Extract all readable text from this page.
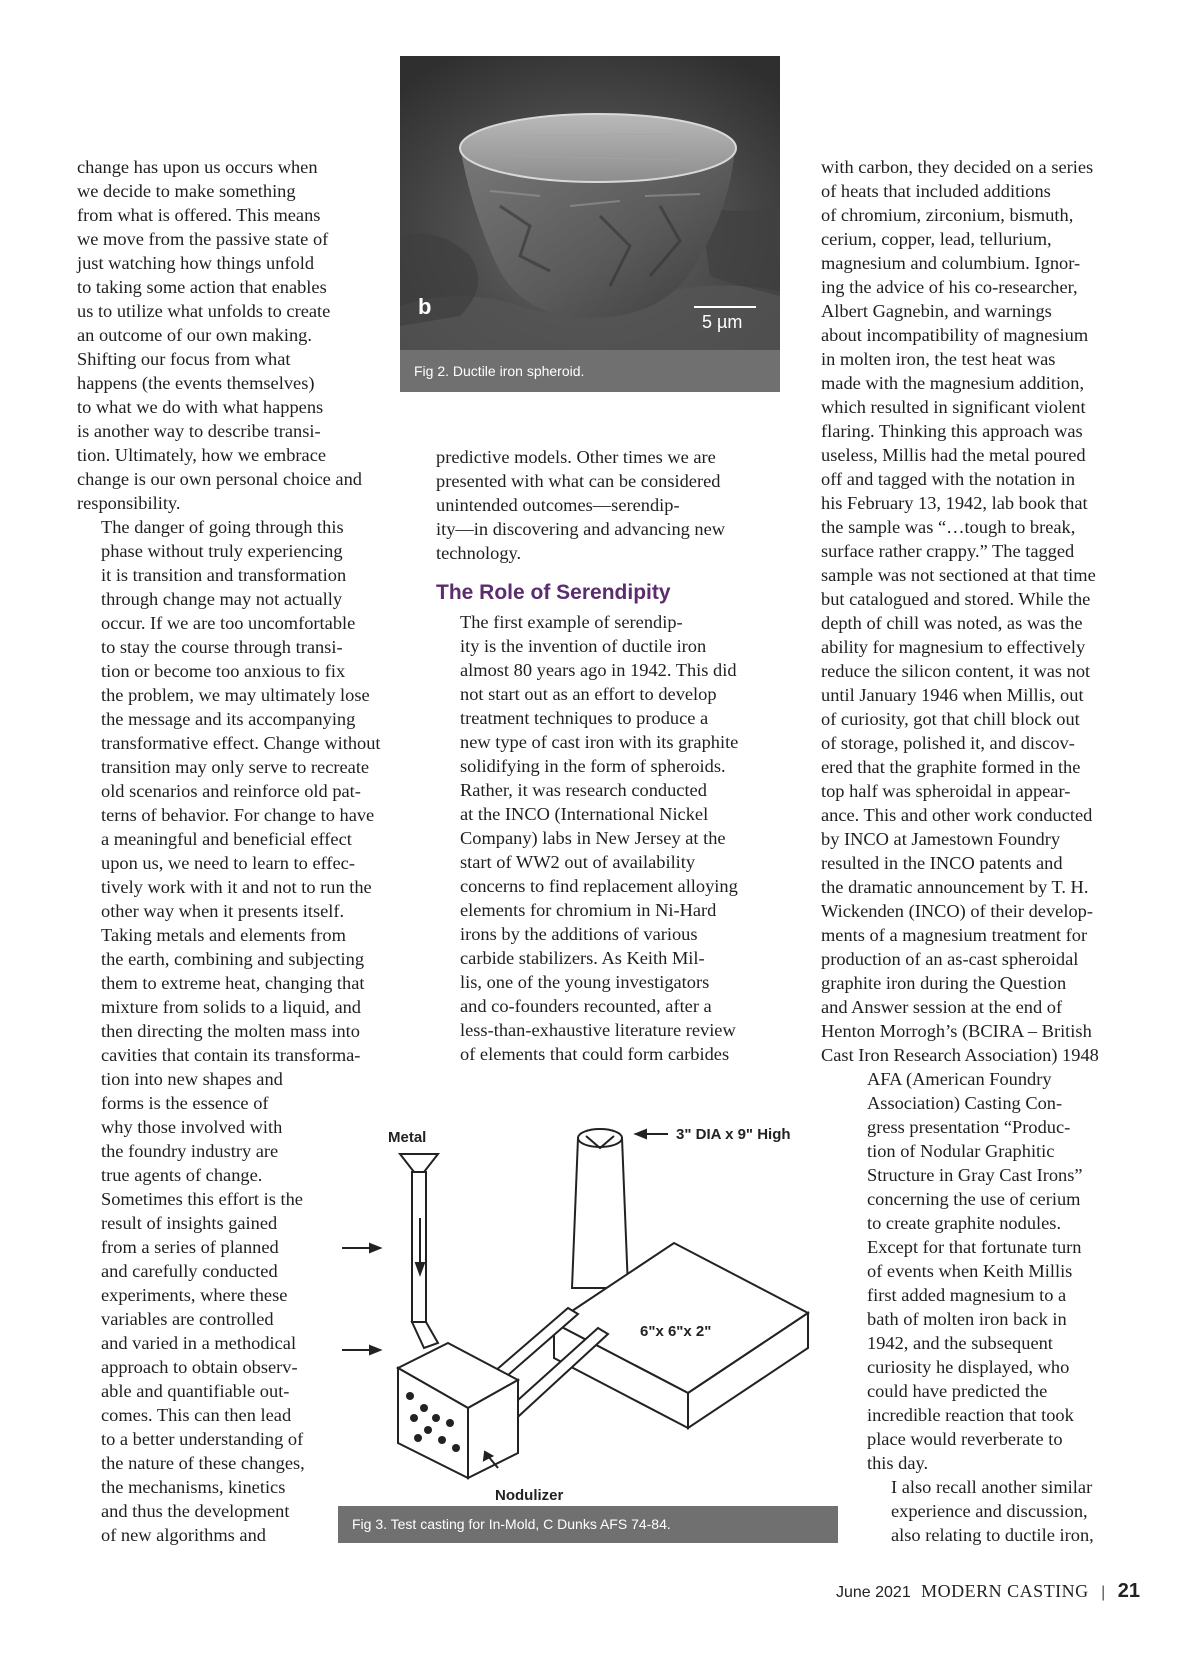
change has upon us occurs when
we decide to make something
from what is offered. This means
we move from the passive state of
just watching how things unfold
to taking some action that enables
us to utilize what unfolds to create
an outcome of our own making.
Shifting our focus from what
happens (the events themselves)
to what we do with what happens
is another way to describe transi-
tion. Ultimately, how we embrace
change is our own personal choice and
responsibility.

The danger of going through this
phase without truly experiencing
it is transition and transformation
through change may not actually
occur. If we are too uncomfortable
to stay the course through transi-
tion or become too anxious to fix
the problem, we may ultimately lose
the message and its accompanying
transformative effect. Change without
transition may only serve to recreate
old scenarios and reinforce old pat-
terns of behavior. For change to have
a meaningful and beneficial effect
upon us, we need to learn to effec-
tively work with it and not to run the
other way when it presents itself.

Taking metals and elements from
the earth, combining and subjecting
them to extreme heat, changing that
mixture from solids to a liquid, and
then directing the molten mass into
cavities that contain its transforma-
tion into new shapes and
forms is the essence of
why those involved with
the foundry industry are
true agents of change.
Sometimes this effort is the
result of insights gained
from a series of planned
and carefully conducted
experiments, where these
variables are controlled
and varied in a methodical
approach to obtain observ-
able and quantifiable out-
comes. This can then lead
to a better understanding of
the nature of these changes,
the mechanisms, kinetics
and thus the development
of new algorithms and

b
5 µm
Fig 2. Ductile iron spheroid.

predictive models. Other times we are
presented with what can be considered
unintended outcomes—serendip-
ity—in discovering and advancing new
technology.

The Role of Serendipity

The first example of serendip-
ity is the invention of ductile iron
almost 80 years ago in 1942. This did
not start out as an effort to develop
treatment techniques to produce a
new type of cast iron with its graphite
solidifying in the form of spheroids.
Rather, it was research conducted
at the INCO (International Nickel
Company) labs in New Jersey at the
start of WW2 out of availability
concerns to find replacement alloying
elements for chromium in Ni-Hard
irons by the additions of various
carbide stabilizers. As Keith Mil-
lis, one of the young investigators
and co-founders recounted, after a
less-than-exhaustive literature review
of elements that could form carbides

with carbon, they decided on a series
of heats that included additions
of chromium, zirconium, bismuth,
cerium, copper, lead, tellurium,
magnesium and columbium. Ignor-
ing the advice of his co-researcher,
Albert Gagnebin, and warnings
about incompatibility of magnesium
in molten iron, the test heat was
made with the magnesium addition,
which resulted in significant violent
flaring. Thinking this approach was
useless, Millis had the metal poured
off and tagged with the notation in
his February 13, 1942, lab book that
the sample was “…tough to break,
surface rather crappy.” The tagged
sample was not sectioned at that time
but catalogued and stored. While the
depth of chill was noted, as was the
ability for magnesium to effectively
reduce the silicon content, it was not
until January 1946 when Millis, out
of curiosity, got that chill block out
of storage, polished it, and discov-
ered that the graphite formed in the
top half was spheroidal in appear-
ance. This and other work conducted
by INCO at Jamestown Foundry
resulted in the INCO patents and
the dramatic announcement by T. H.
Wickenden (INCO) of their develop-
ments of a magnesium treatment for
production of an as-cast spheroidal
graphite iron during the Question
and Answer session at the end of
Henton Morrogh’s (BCIRA – British
Cast Iron Research Association) 1948

AFA (American Foundry
Association) Casting Con-
gress presentation “Produc-
tion of Nodular Graphitic
Structure in Gray Cast Irons”
concerning the use of cerium
to create graphite nodules.
Except for that fortunate turn
of events when Keith Millis
first added magnesium to a
bath of molten iron back in
1942, and the subsequent
curiosity he displayed, who
could have predicted the
incredible reaction that took
place would reverberate to
this day.

I also recall another similar
experience and discussion,
also relating to ductile iron,

Metal	3" DIA x 9" High
6"x 6"x 2"
Nodulizer
Fig 3. Test casting for In-Mold, C Dunks AFS 74-84.
June 2021 MODERN CASTING | 21
